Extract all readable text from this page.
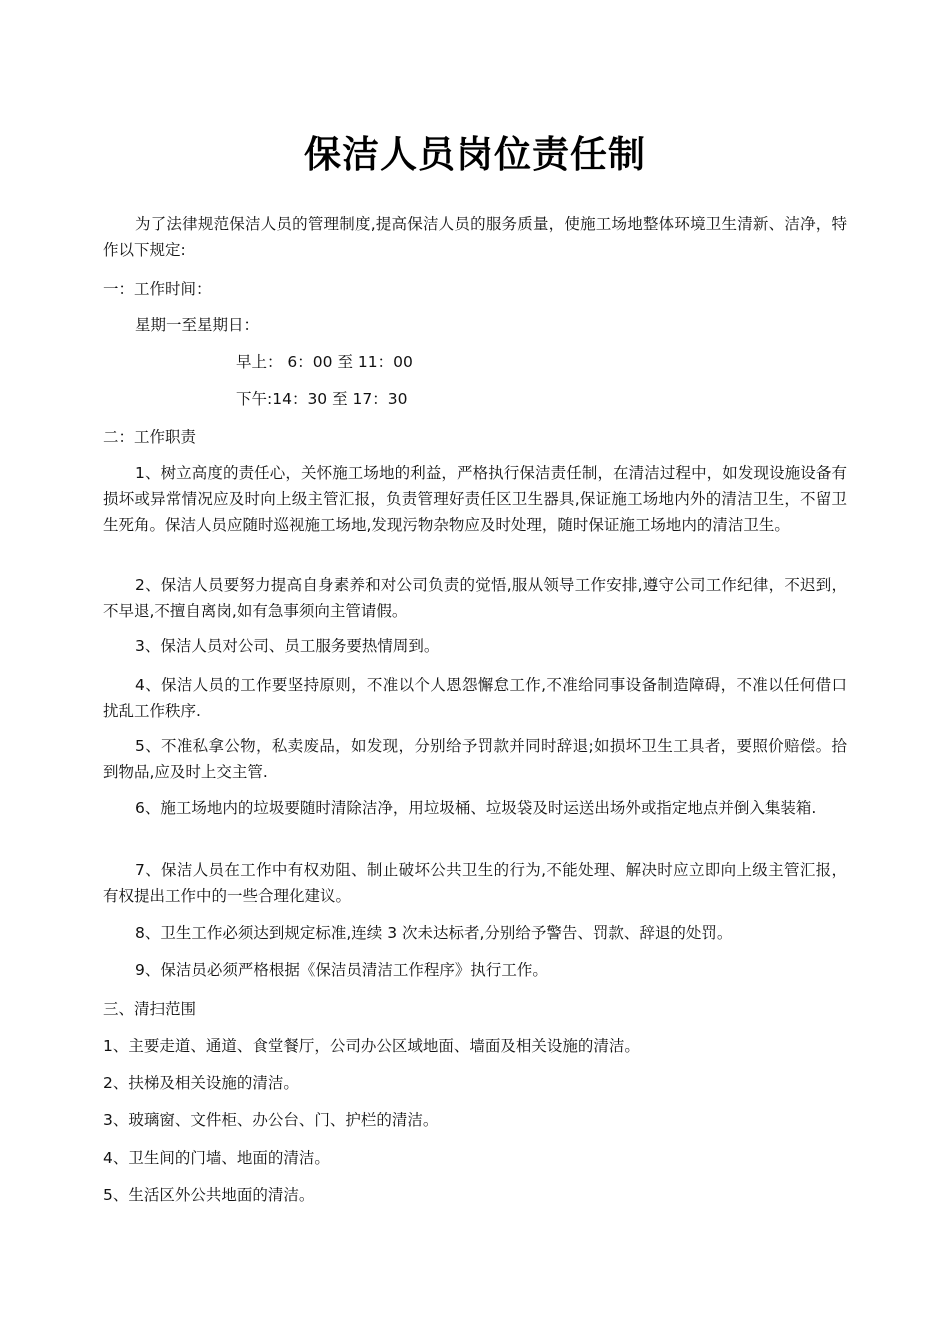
保洁人员岗位责任制

为了法律规范保洁人员的管理制度,提高保洁人员的服务质量，使施工场地整体环境卫生清新、洁净，特作以下规定:

一：工作时间：

星期一至星期日：

早上： 6：00 至 11：00

下午:14：30 至 17：30

二：工作职责

1、树立高度的责任心，关怀施工场地的利益，严格执行保洁责任制，在清洁过程中，如发现设施设备有损坏或异常情况应及时向上级主管汇报，负责管理好责任区卫生器具,保证施工场地内外的清洁卫生，不留卫生死角。保洁人员应随时巡视施工场地,发现污物杂物应及时处理，随时保证施工场地内的清洁卫生。

2、保洁人员要努力提高自身素养和对公司负责的觉悟,服从领导工作安排,遵守公司工作纪律，不迟到，不早退,不擅自离岗,如有急事须向主管请假。

3、保洁人员对公司、员工服务要热情周到。

4、保洁人员的工作要坚持原则，不准以个人恩怨懈怠工作,不准给同事设备制造障碍，不准以任何借口扰乱工作秩序.

5、不准私拿公物，私卖废品，如发现，分别给予罚款并同时辞退;如损坏卫生工具者，要照价赔偿。拾到物品,应及时上交主管.

6、施工场地内的垃圾要随时清除洁净，用垃圾桶、垃圾袋及时运送出场外或指定地点并倒入集装箱.

7、保洁人员在工作中有权劝阻、制止破坏公共卫生的行为,不能处理、解决时应立即向上级主管汇报，有权提出工作中的一些合理化建议。

8、卫生工作必须达到规定标准,连续 3 次未达标者,分别给予警告、罚款、辞退的处罚。

9、保洁员必须严格根据《保洁员清洁工作程序》执行工作。

三、清扫范围

1、主要走道、通道、食堂餐厅，公司办公区域地面、墙面及相关设施的清洁。

2、扶梯及相关设施的清洁。

3、玻璃窗、文件柜、办公台、门、护栏的清洁。

4、卫生间的门墙、地面的清洁。

5、生活区外公共地面的清洁。
